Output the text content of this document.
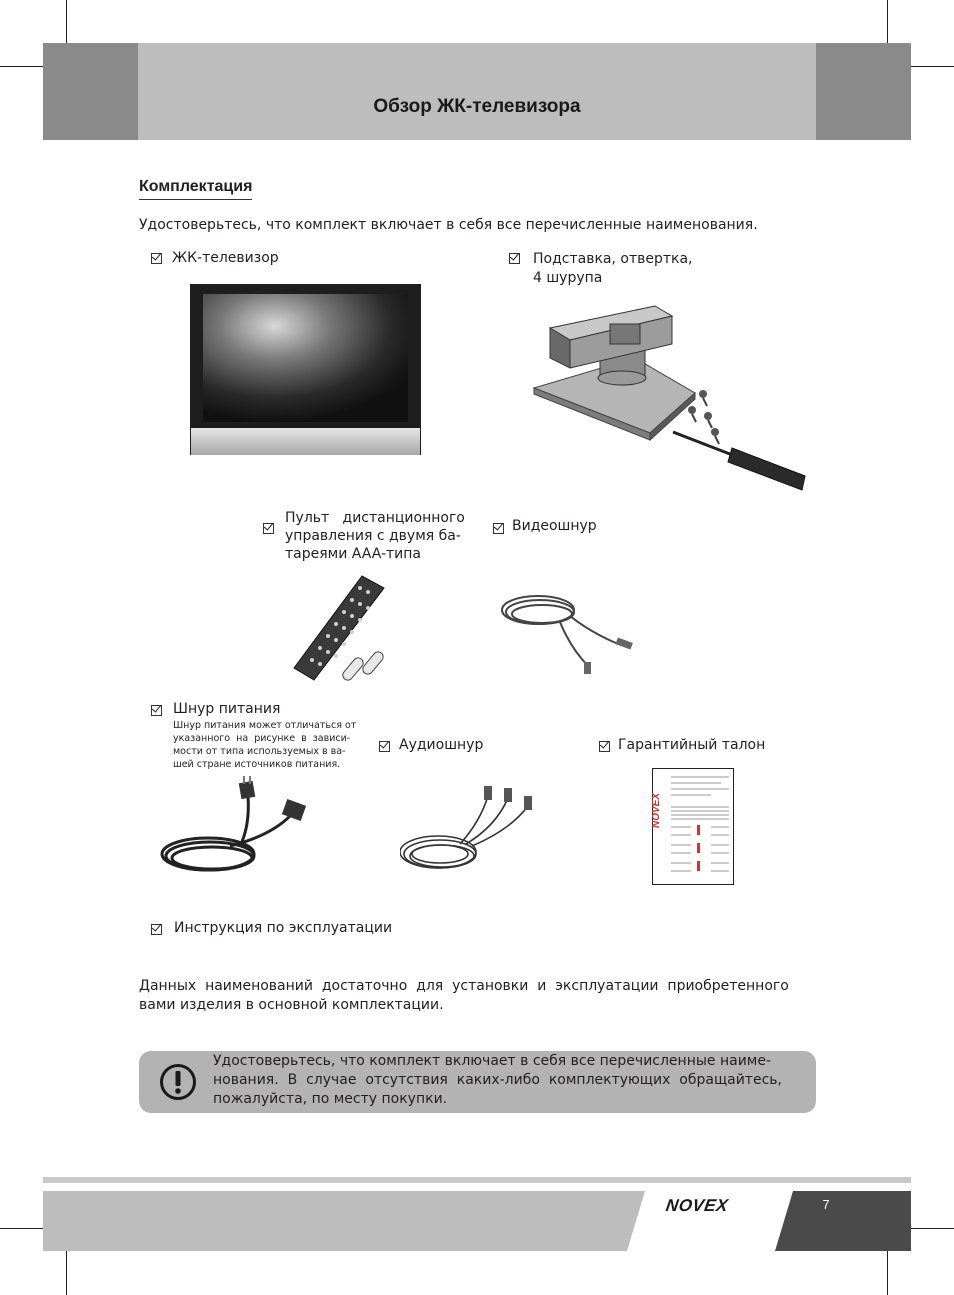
Обзор ЖК-телевизора
Комплектация
Удостоверьтесь, что комплект включает в себя все перечисленные наименования.
ЖК-телевизор	Подставка, отвертка,
4 шурупа
Пульт   дистанционного
управления с двумя ба-
тареями AAA-типа
Видеошнур
Шнур питания
Шнур питания может отличаться от
указанного  на  рисунке  в  зависи-
мости от типа используемых в ва-
шей стране источников питания.
Аудиошнур	Гарантийный талон
NOVEX
Инструкция по эксплуатации
Данных  наименований  достаточно  для  установки  и  эксплуатации  приобретенного
вами изделия в основной комплектации.
Удостоверьтесь, что комплект включает в себя все перечисленные наиме-
нования.  В  случае  отсутствия  каких-либо  комплектующих  обращайтесь,
пожалуйста, по месту покупки.
NOVEX	7
